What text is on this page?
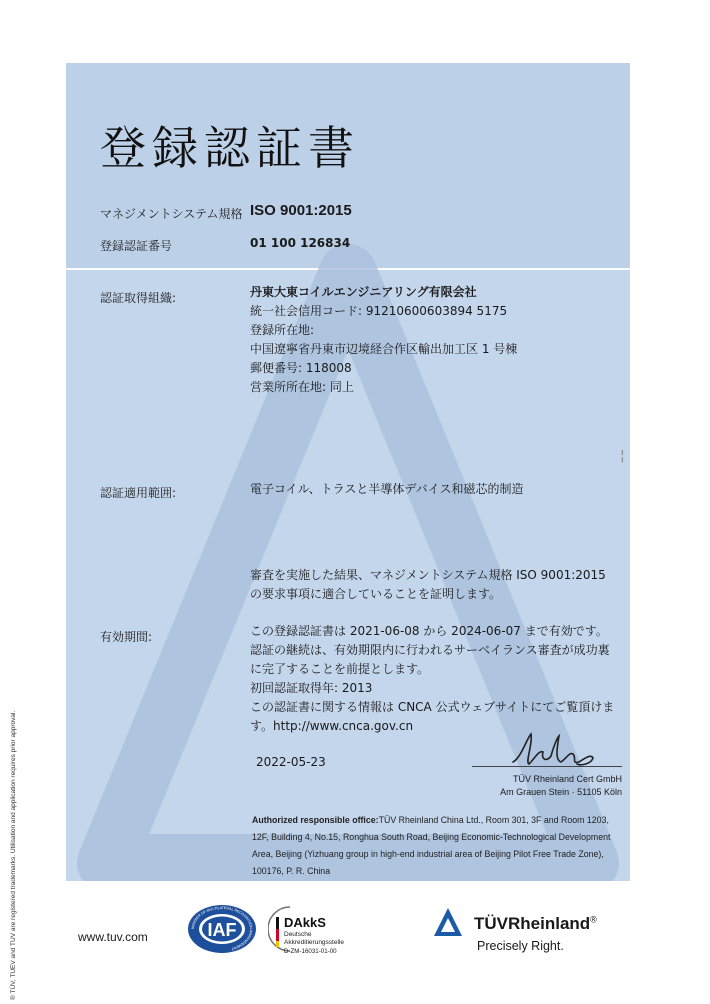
登録認証書
マネジメントシステム規格 ISO 9001:2015
登録認証番号	01 100 126834
認証取得組織:	丹東大東コイルエンジニアリング有限会社
統一社会信用コード: 91210600603894 5175
登録所在地:
中国遼寧省丹東市辺境経合作区輸出加工区 1 号棟
郵便番号: 118008
営業所所在地: 同上
認証適用範囲:	電子コイル、トラスと半導体デバイス和磁芯的制造
審査を実施した結果、マネジメントシステム規格 ISO 9001:2015
の要求事項に適合していることを証明します。
有効期間:	この登録認証書は 2021-06-08 から 2024-06-07 まで有効です。
認証の継続は、有効期限内に行われるサーベイランス審査が成功裏
に完了することを前提とします。
初回認証取得年: 2013
この認証書に関する情報は CNCA 公式ウェブサイトにてご覧頂けま
す。http://www.cnca.gov.cn
2022-05-23
TÜV Rheinland Cert GmbH
Am Grauen Stein · 51105 Köln
Authorized responsible office:TÜV Rheinland China Ltd., Room 301, 3F and Room 1203, 12F, Building 4, No.15, Ronghua South Road, Beijing Economic-Technological Development Area, Beijing (Yizhuang group in high-end industrial area of Beijing Pilot Free Trade Zone), 100176, P. R. China
® TÜV, TUEV and TUV are registered trademarks. Utilisation and application requires prior approval.
¦
www.tuv.com	IAF
MEMBER OF MULTILATERAL RECOGNITION ARRANGEMENT
DAkkS
Deutsche
Akkreditierungsstelle
D-ZM-16031-01-00
TÜVRheinland®
Precisely Right.
